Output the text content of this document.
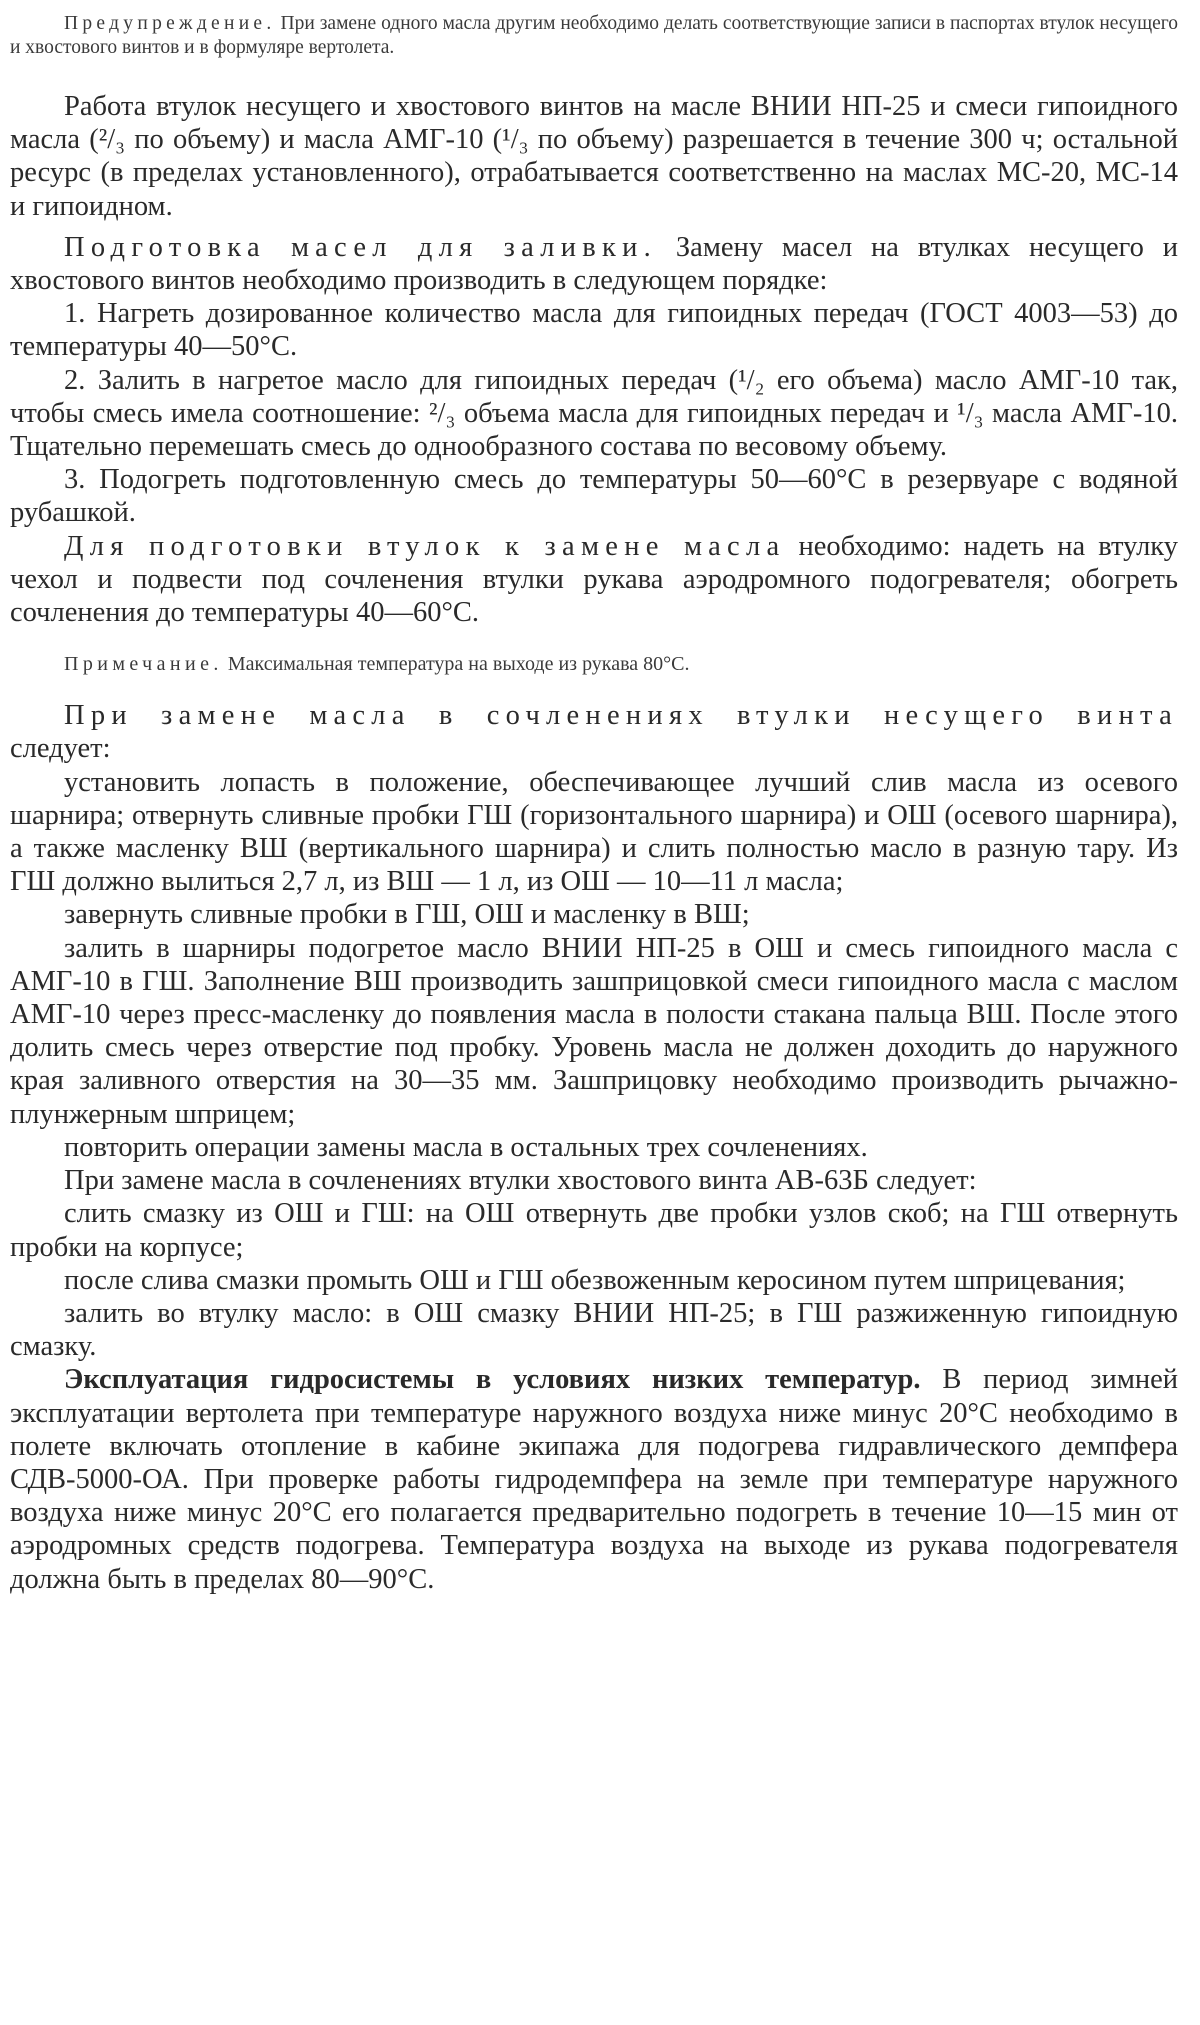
Предупреждение. При замене одного масла другим необходимо делать соответствующие записи в паспортах втулок несущего и хвостового винтов и в формуляре вертолета.

Работа втулок несущего и хвостового винтов на масле ВНИИ НП-25 и смеси гипоидного масла (²/₃ по объему) и масла АМГ-10 (¹/₃ по объему) разрешается в течение 300 ч; остальной ресурс (в пределах установленного), отрабатывается соответственно на маслах МС-20, МС-14 и гипоидном.

Подготовка масел для заливки. Замену масел на втулках несущего и хвостового винтов необходимо производить в следующем порядке:

1. Нагреть дозированное количество масла для гипоидных передач (ГОСТ 4003—53) до температуры 40—50°С.

2. Залить в нагретое масло для гипоидных передач (¹/₂ его объема) масло АМГ-10 так, чтобы смесь имела соотношение: ²/₃ объема масла для гипоидных передач и ¹/₃ масла АМГ-10. Тщательно перемешать смесь до однообразного состава по весовому объему.

3. Подогреть подготовленную смесь до температуры 50—60°С в резервуаре с водяной рубашкой.

Для подготовки втулок к замене масла необходимо: надеть на втулку чехол и подвести под сочленения втулки рукава аэродромного подогревателя; обогреть сочленения до температуры 40—60°С.

Примечание. Максимальная температура на выходе из рукава 80°С.

При замене масла в сочленениях втулки несущего винта следует:

установить лопасть в положение, обеспечивающее лучший слив масла из осевого шарнира; отвернуть сливные пробки ГШ (горизонтального шарнира) и ОШ (осевого шарнира), а также масленку ВШ (вертикального шарнира) и слить полностью масло в разную тару. Из ГШ должно вылиться 2,7 л, из ВШ — 1 л, из ОШ — 10—11 л масла;

завернуть сливные пробки в ГШ, ОШ и масленку в ВШ;

залить в шарниры подогретое масло ВНИИ НП-25 в ОШ и смесь гипоидного масла с АМГ-10 в ГШ. Заполнение ВШ производить зашприцовкой смеси гипоидного масла с маслом АМГ-10 через пресс-масленку до появления масла в полости стакана пальца ВШ. После этого долить смесь через отверстие под пробку. Уровень масла не должен доходить до наружного края заливного отверстия на 30—35 мм. Зашприцовку необходимо производить рычажно-плунжерным шприцем;

повторить операции замены масла в остальных трех сочленениях.

При замене масла в сочленениях втулки хвостового винта АВ-63Б следует:

слить смазку из ОШ и ГШ: на ОШ отвернуть две пробки узлов скоб; на ГШ отвернуть пробки на корпусе;

после слива смазки промыть ОШ и ГШ обезвоженным керосином путем шприцевания;

залить во втулку масло: в ОШ смазку ВНИИ НП-25; в ГШ разжиженную гипоидную смазку.

Эксплуатация гидросистемы в условиях низких температур. В период зимней эксплуатации вертолета при температуре наружного воздуха ниже минус 20°С необходимо в полете включать отопление в кабине экипажа для подогрева гидравлического демпфера СДВ-5000-ОА. При проверке работы гидродемпфера на земле при температуре наружного воздуха ниже минус 20°С его полагается предварительно подогреть в течение 10—15 мин от аэродромных средств подогрева. Температура воздуха на выходе из рукава подогревателя должна быть в пределах 80—90°С.
